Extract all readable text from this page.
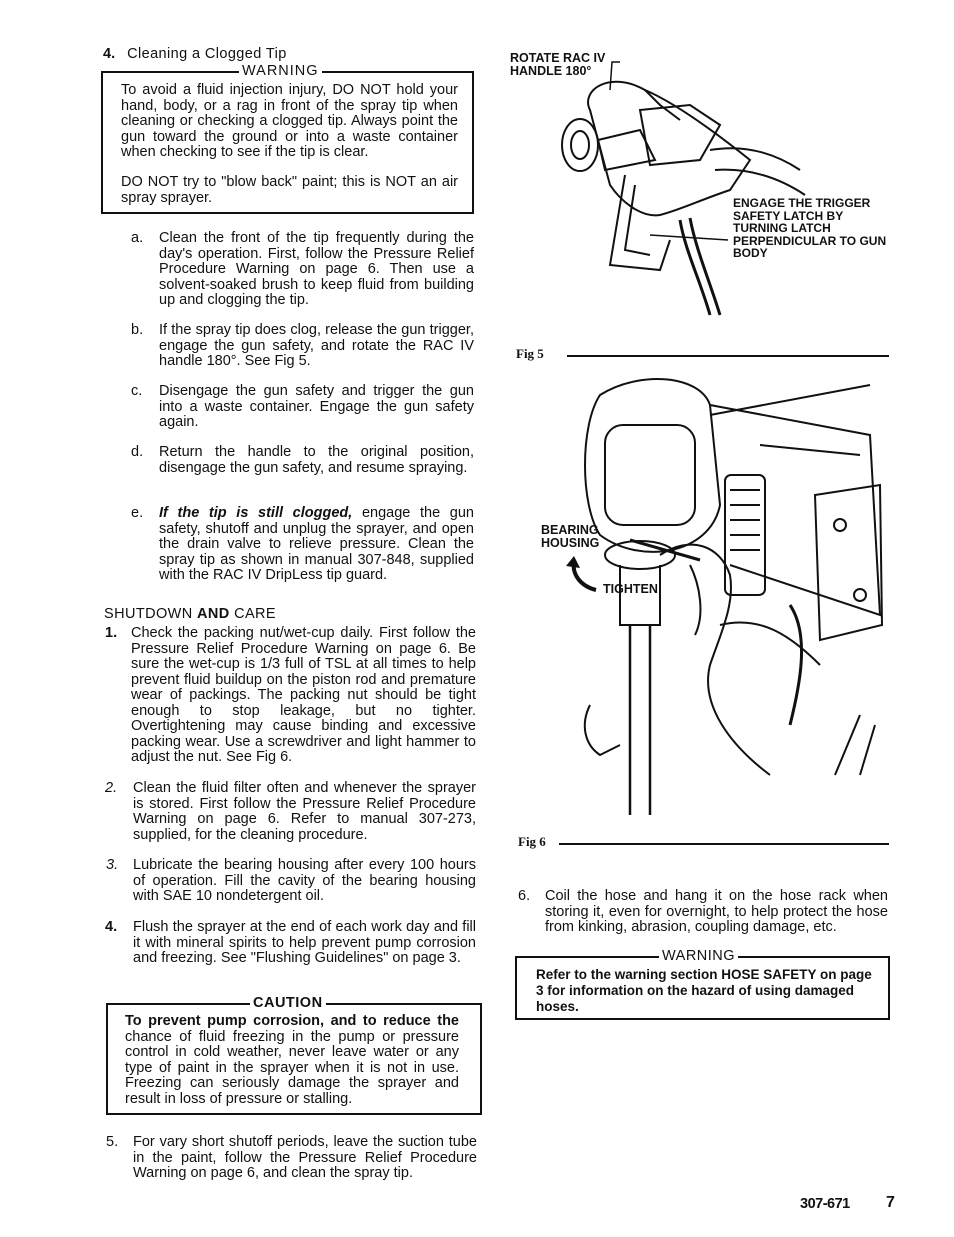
4. Cleaning a Clogged Tip
WARNING
To avoid a fluid injection injury, DO NOT hold your hand, body, or a rag in front of the spray tip when cleaning or checking a clogged tip. Always point the gun toward the ground or into a waste container when checking to see if the tip is clear.
DO NOT try to "blow back" paint; this is NOT an air spray sprayer.
a. Clean the front of the tip frequently during the day's operation. First, follow the Pressure Relief Procedure Warning on page 6. Then use a solvent-soaked brush to keep fluid from building up and clogging the tip.
b. If the spray tip does clog, release the gun trigger, engage the gun safety, and rotate the RAC IV handle 180°. See Fig 5.
c. Disengage the gun safety and trigger the gun into a waste container. Engage the gun safety again.
d. Return the handle to the original position, disengage the gun safety, and resume spraying.
e. If the tip is still clogged, engage the gun safety, shutoff and unplug the sprayer, and open the drain valve to relieve pressure. Clean the spray tip as shown in manual 307-848, supplied with the RAC IV DripLess tip guard.
SHUTDOWN AND CARE
1. Check the packing nut/wet-cup daily. First follow the Pressure Relief Procedure Warning on page 6. Be sure the wet-cup is 1/3 full of TSL at all times to help prevent fluid buildup on the piston rod and premature wear of packings. The packing nut should be tight enough to stop leakage, but no tighter. Overtightening may cause binding and excessive packing wear. Use a screwdriver and light hammer to adjust the nut. See Fig 6.
2. Clean the fluid filter often and whenever the sprayer is stored. First follow the Pressure Relief Procedure Warning on page 6. Refer to manual 307-273, supplied, for the cleaning procedure.
3. Lubricate the bearing housing after every 100 hours of operation. Fill the cavity of the bearing housing with SAE 10 nondetergent oil.
4. Flush the sprayer at the end of each work day and fill it with mineral spirits to help prevent pump corrosion and freezing. See "Flushing Guidelines" on page 3.
CAUTION
To prevent pump corrosion, and to reduce the chance of fluid freezing in the pump or pressure control in cold weather, never leave water or any type of paint in the sprayer when it is not in use. Freezing can seriously damage the sprayer and result in loss of pressure or stalling.
5. For vary short shutoff periods, leave the suction tube in the paint, follow the Pressure Relief Procedure Warning on page 6, and clean the spray tip.
ROTATE RAC IV HANDLE 180°
ENGAGE THE TRIGGER SAFETY LATCH BY TURNING LATCH PERPENDICULAR TO GUN BODY
Fig 5
BEARING HOUSING
TIGHTEN
Fig 6
6. Coil the hose and hang it on the hose rack when storing it, even for overnight, to help protect the hose from kinking, abrasion, coupling damage, etc.
WARNING
Refer to the warning section HOSE SAFETY on page 3 for information on the hazard of using damaged hoses.
307-671 7
